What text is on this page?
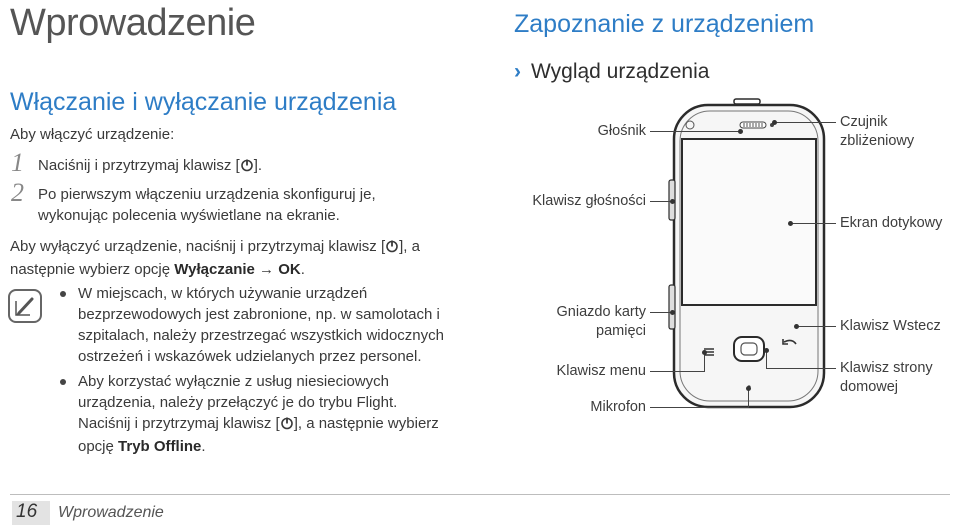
Wprowadzenie
Włączanie i wyłączanie urządzenia
Aby włączyć urządzenie:
1 Naciśnij i przytrzymaj klawisz [ ].
2 Po pierwszym włączeniu urządzenia skonfiguruj je,
wykonując polecenia wyświetlane na ekranie.
Aby wyłączyć urządzenie, naciśnij i przytrzymaj klawisz [ ], a
następnie wybierz opcję Wyłączanie → OK.
W miejscach, w których używanie urządzeń
bezprzewodowych jest zabronione, np. w samolotach i
szpitalach, należy przestrzegać wszystkich widocznych
ostrzeżeń i wskazówek udzielanych przez personel.
Aby korzystać wyłącznie z usług niesieciowych
urządzenia, należy przełączyć je do trybu Flight.
Naciśnij i przytrzymaj klawisz [ ], a następnie wybierz
opcję Tryb Offline.
Zapoznanie z urządzeniem
› Wygląd urządzenia
Głośnik
Klawisz głośności
Gniazdo karty
pamięci
Klawisz menu
Mikrofon
Czujnik
zbliżeniowy
Ekran dotykowy
Klawisz Wstecz
Klawisz strony
domowej
16 Wprowadzenie
